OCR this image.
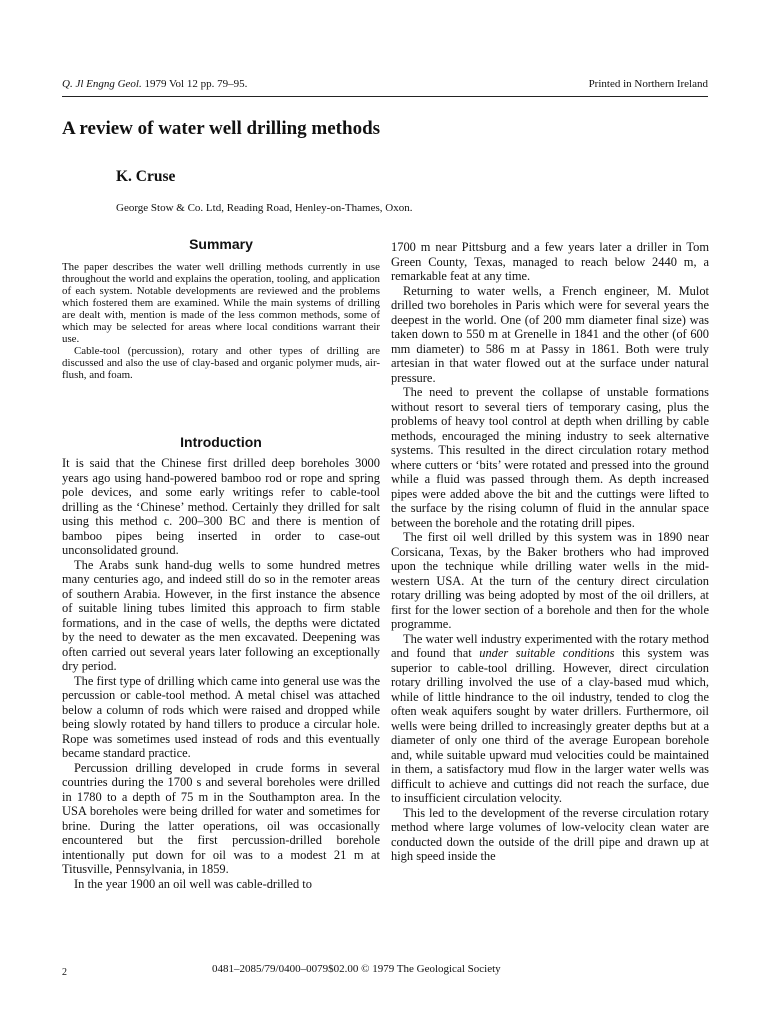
Q. Jl Engng Geol. 1979 Vol 12 pp. 79–95.	Printed in Northern Ireland
A review of water well drilling methods
K. Cruse
George Stow & Co. Ltd, Reading Road, Henley-on-Thames, Oxon.
Summary

The paper describes the water well drilling methods currently in use throughout the world and explains the operation, tooling, and application of each system. Notable developments are reviewed and the problems which fostered them are examined. While the main systems of drilling are dealt with, mention is made of the less common methods, some of which may be selected for areas where local conditions warrant their use.

Cable-tool (percussion), rotary and other types of drilling are discussed and also the use of clay-based and organic polymer muds, air-flush, and foam.

Introduction

It is said that the Chinese first drilled deep boreholes 3000 years ago using hand-powered bamboo rod or rope and spring pole devices, and some early writings refer to cable-tool drilling as the ‘Chinese’ method. Certainly they drilled for salt using this method c. 200–300 BC and there is mention of bamboo pipes being inserted in order to case-out unconsolidated ground.

The Arabs sunk hand-dug wells to some hundred metres many centuries ago, and indeed still do so in the remoter areas of southern Arabia. However, in the first instance the absence of suitable lining tubes limited this approach to firm stable formations, and in the case of wells, the depths were dictated by the need to dewater as the men excavated. Deepening was often carried out several years later following an exceptionally dry period.

The first type of drilling which came into general use was the percussion or cable-tool method. A metal chisel was attached below a column of rods which were raised and dropped while being slowly rotated by hand tillers to produce a circular hole. Rope was sometimes used instead of rods and this eventually became standard practice.

Percussion drilling developed in crude forms in several countries during the 1700 s and several boreholes were drilled in 1780 to a depth of 75 m in the Southampton area. In the USA boreholes were being drilled for water and sometimes for brine. During the latter operations, oil was occasionally encountered but the first percussion-drilled borehole intentionally put down for oil was to a modest 21 m at Titusville, Pennsylvania, in 1859.

In the year 1900 an oil well was cable-drilled to

1700 m near Pittsburg and a few years later a driller in Tom Green County, Texas, managed to reach below 2440 m, a remarkable feat at any time.

Returning to water wells, a French engineer, M. Mulot drilled two boreholes in Paris which were for several years the deepest in the world. One (of 200 mm diameter final size) was taken down to 550 m at Grenelle in 1841 and the other (of 600 mm diameter) to 586 m at Passy in 1861. Both were truly artesian in that water flowed out at the surface under natural pressure.

The need to prevent the collapse of unstable formations without resort to several tiers of temporary casing, plus the problems of heavy tool control at depth when drilling by cable methods, encouraged the mining industry to seek alternative systems. This resulted in the direct circulation rotary method where cutters or ‘bits’ were rotated and pressed into the ground while a fluid was passed through them. As depth increased pipes were added above the bit and the cuttings were lifted to the surface by the rising column of fluid in the annular space between the borehole and the rotating drill pipes.

The first oil well drilled by this system was in 1890 near Corsicana, Texas, by the Baker brothers who had improved upon the technique while drilling water wells in the mid-western USA. At the turn of the century direct circulation rotary drilling was being adopted by most of the oil drillers, at first for the lower section of a borehole and then for the whole programme.

The water well industry experimented with the rotary method and found that under suitable conditions this system was superior to cable-tool drilling. However, direct circulation rotary drilling involved the use of a clay-based mud which, while of little hindrance to the oil industry, tended to clog the often weak aquifers sought by water drillers. Furthermore, oil wells were being drilled to increasingly greater depths but at a diameter of only one third of the average European borehole and, while suitable upward mud velocities could be maintained in them, a satisfactory mud flow in the larger water wells was difficult to achieve and cuttings did not reach the surface, due to insufficient circulation velocity.

This led to the development of the reverse circulation rotary method where large volumes of low-velocity clean water are conducted down the outside of the drill pipe and drawn up at high speed inside the

2	0481–2085/79/0400–0079$02.00 © 1979 The Geological Society
